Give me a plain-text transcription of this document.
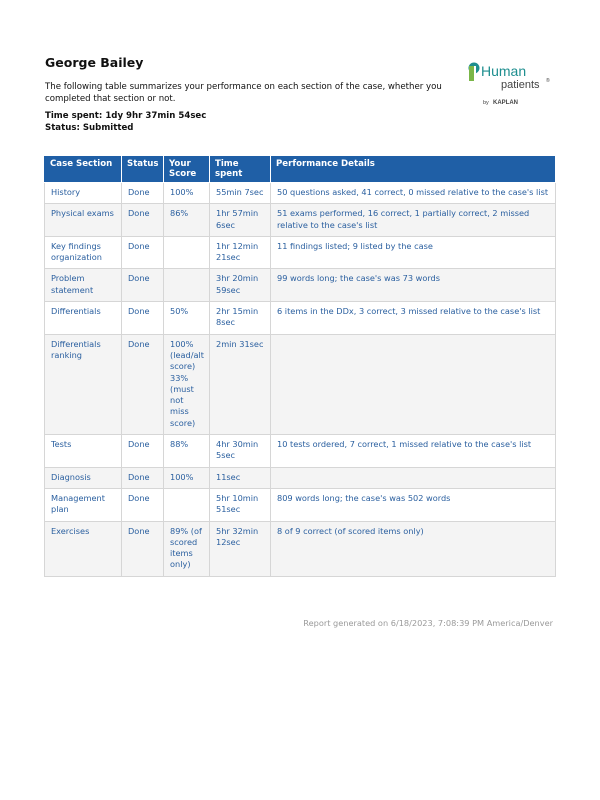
George Bailey
The following table summarizes your performance on each section of the case, whether you completed that section or not.
Time spent: 1dy 9hr 37min 54sec
Status: Submitted
Human
patients ®
by KAPLAN
Case Section	Status	Your Score	Time spent	Performance Details
History	Done	100%	55min 7sec	50 questions asked, 41 correct, 0 missed relative to the case's list
Physical exams	Done	86%	1hr 57min 6sec	51 exams performed, 16 correct, 1 partially correct, 2 missed relative to the case's list
Key findings organization	Done		1hr 12min 21sec	11 findings listed; 9 listed by the case
Problem statement	Done		3hr 20min 59sec	99 words long; the case's was 73 words
Differentials	Done	50%	2hr 15min 8sec	6 items in the DDx, 3 correct, 3 missed relative to the case's list
Differentials ranking	Done	100% (lead/alt score) 33% (must not miss score)	2min 31sec	
Tests	Done	88%	4hr 30min 5sec	10 tests ordered, 7 correct, 1 missed relative to the case's list
Diagnosis	Done	100%	11sec	
Management plan	Done		5hr 10min 51sec	809 words long; the case's was 502 words
Exercises	Done	89% (of scored items only)	5hr 32min 12sec	8 of 9 correct (of scored items only)
Report generated on 6/18/2023, 7:08:39 PM America/Denver
